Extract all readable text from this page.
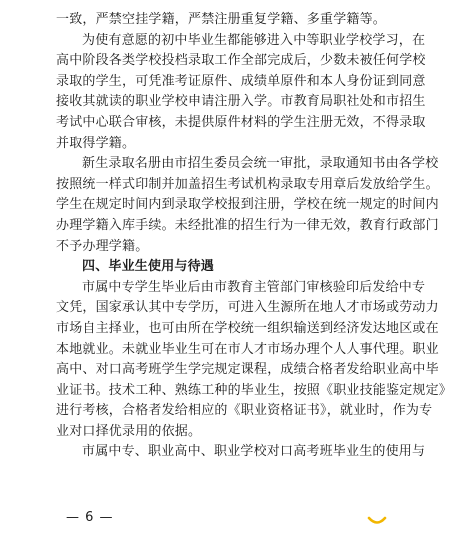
一致，严禁空挂学籍，严禁注册重复学籍、多重学籍等。
为使有意愿的初中毕业生都能够进入中等职业学校学习，在
高中阶段各类学校投档录取工作全部完成后，少数未被任何学校
录取的学生，可凭准考证原件、成绩单原件和本人身份证到同意
接收其就读的职业学校申请注册入学。市教育局职社处和市招生
考试中心联合审核，未提供原件材料的学生注册无效，不得录取
并取得学籍。
新生录取名册由市招生委员会统一审批，录取通知书由各学校
按照统一样式印制并加盖招生考试机构录取专用章后发放给学生。
学生在规定时间内到录取学校报到注册，学校在统一规定的时间内
办理学籍入库手续。未经批准的招生行为一律无效，教育行政部门
不予办理学籍。
四、毕业生使用与待遇
市属中专学生毕业后由市教育主管部门审核验印后发给中专
文凭，国家承认其中专学历，可进入生源所在地人才市场或劳动力
市场自主择业，也可由所在学校统一组织输送到经济发达地区或在
本地就业。未就业毕业生可在市人才市场办理个人人事代理。职业
高中、对口高考班学生学完规定课程，成绩合格者发给职业高中毕
业证书。技术工种、熟练工种的毕业生，按照《职业技能鉴定规定》
进行考核，合格者发给相应的《职业资格证书》，就业时，作为专
业对口择优录用的依据。
市属中专、职业高中、职业学校对口高考班毕业生的使用与
— 6 —
